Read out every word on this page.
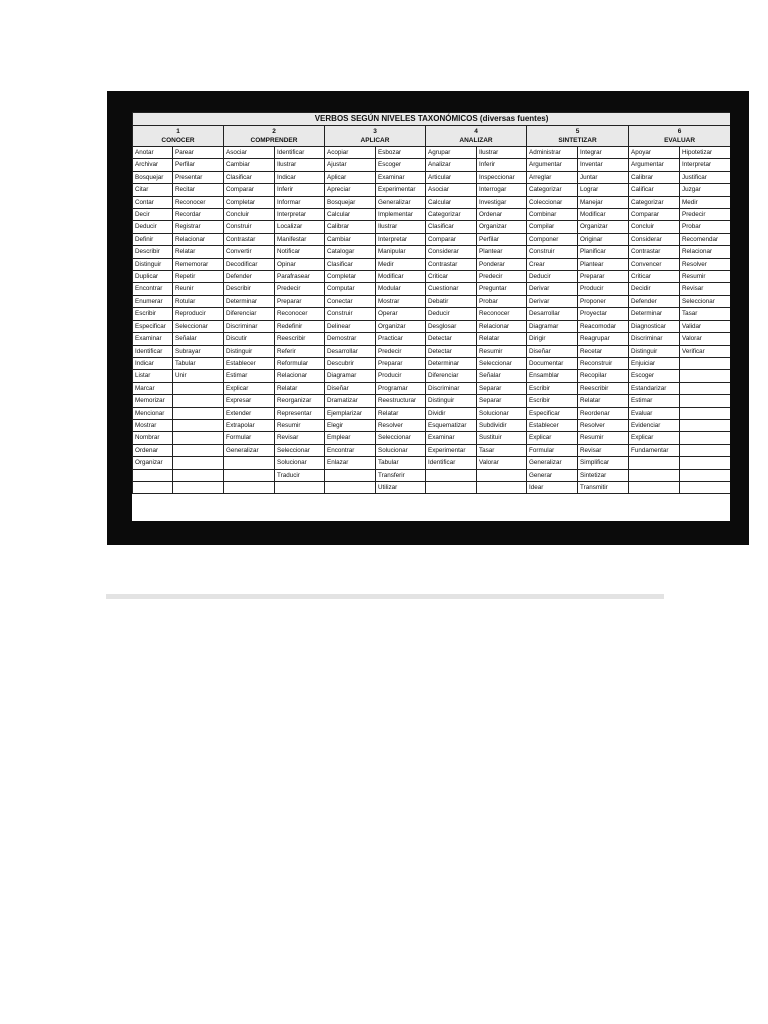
VERBOS SEGÚN NIVELES TAXONÓMICOS (diversas fuentes)											

1
CONOCER		2
COMPRENDER		3
APLICAR		4
ANALIZAR		5
SINTETIZAR		6
EVALUAR	

Anotar	Parear	Asociar	Identificar	Acopiar	Esbozar	Agrupar	Ilustrar	Administrar	Integrar	Apoyar	Hipotetizar
Archivar	Perfilar	Cambiar	Ilustrar	Ajustar	Escoger	Analizar	Inferir	Argumentar	Inventar	Argumentar	Interpretar
Bosquejar	Presentar	Clasificar	Indicar	Aplicar	Examinar	Articular	Inspeccionar	Arreglar	Juntar	Calibrar	Justificar
Citar	Recitar	Comparar	Inferir	Apreciar	Experimentar	Asociar	Interrogar	Categorizar	Lograr	Calificar	Juzgar
Contar	Reconocer	Completar	Informar	Bosquejar	Generalizar	Calcular	Investigar	Coleccionar	Manejar	Categorizar	Medir
Decir	Recordar	Concluir	Interpretar	Calcular	Implementar	Categorizar	Ordenar	Combinar	Modificar	Comparar	Predecir
Deducir	Registrar	Construir	Localizar	Calibrar	Ilustrar	Clasificar	Organizar	Compilar	Organizar	Concluir	Probar
Definir	Relacionar	Contrastar	Manifestar	Cambiar	Interpretar	Comparar	Perfilar	Componer	Originar	Considerar	Recomendar
Describir	Relatar	Convertir	Notificar	Catalogar	Manipular	Considerar	Plantear	Construir	Planificar	Contrastar	Relacionar
Distinguir	Rememorar	Decodificar	Opinar	Clasificar	Medir	Contrastar	Ponderar	Crear	Plantear	Convencer	Resolver
Duplicar	Repetir	Defender	Parafrasear	Completar	Modificar	Criticar	Predecir	Deducir	Preparar	Criticar	Resumir
Encontrar	Reunir	Describir	Predecir	Computar	Modular	Cuestionar	Preguntar	Derivar	Producir	Decidir	Revisar
Enumerar	Rotular	Determinar	Preparar	Conectar	Mostrar	Debatir	Probar	Derivar	Proponer	Defender	Seleccionar
Escribir	Reproducir	Diferenciar	Reconocer	Construir	Operar	Deducir	Reconocer	Desarrollar	Proyectar	Determinar	Tasar
Especificar	Seleccionar	Discriminar	Redefinir	Delinear	Organizar	Desglosar	Relacionar	Diagramar	Reacomodar	Diagnosticar	Validar
Examinar	Señalar	Discutir	Reescribir	Demostrar	Practicar	Detectar	Relatar	Dirigir	Reagrupar	Discriminar	Valorar
Identificar	Subrayar	Distinguir	Referir	Desarrollar	Predecir	Detectar	Resumir	Diseñar	Recetar	Distinguir	Verificar
Indicar	Tabular	Establecer	Reformular	Descubrir	Preparar	Determinar	Seleccionar	Documentar	Reconstruir	Enjuiciar	
Listar	Unir	Estimar	Relacionar	Diagramar	Producir	Diferenciar	Señalar	Ensamblar	Recopilar	Escoger	
Marcar		Explicar	Relatar	Diseñar	Programar	Discriminar	Separar	Escribir	Reescribir	Estandarizar	
Memorizar		Expresar	Reorganizar	Dramatizar	Reestructurar	Distinguir	Separar	Escribir	Relatar	Estimar	
Mencionar		Extender	Representar	Ejemplarizar	Relatar	Dividir	Solucionar	Especificar	Reordenar	Evaluar	
Mostrar		Extrapolar	Resumir	Elegir	Resolver	Esquematizar	Subdividir	Establecer	Resolver	Evidenciar	
Nombrar		Formular	Revisar	Emplear	Seleccionar	Examinar	Sustituir	Explicar	Resumir	Explicar	
Ordenar		Generalizar	Seleccionar	Encontrar	Solucionar	Experimentar	Tasar	Formular	Revisar	Fundamentar	
Organizar			Solucionar	Enlazar	Tabular	Identificar	Valorar	Generalizar	Simplificar		
			Traducir		Transferir			Generar	Sintetizar		
					Utilizar			Idear	Transmitir		
